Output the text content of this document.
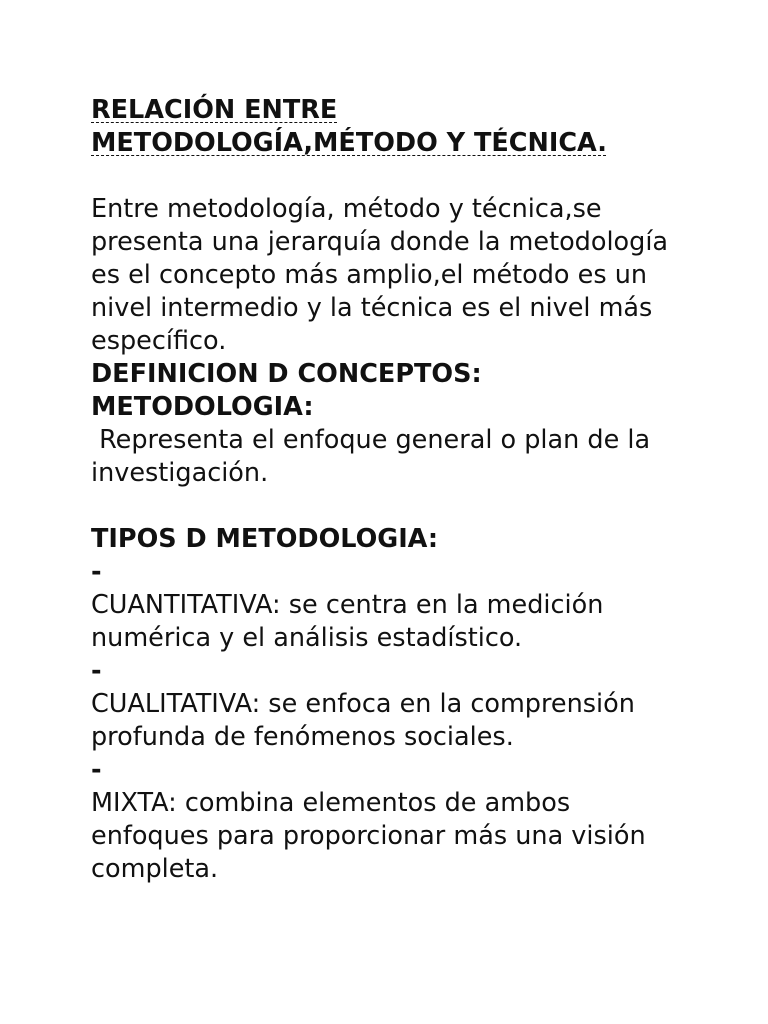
RELACIÓN ENTRE
METODOLOGÍA,MÉTODO Y TÉCNICA.

Entre metodología, método y técnica,se presenta una jerarquía donde la metodología es el concepto más amplio,el método es un nivel intermedio y la técnica es el nivel más específico.

DEFINICION D CONCEPTOS:

METODOLOGIA:

Representa el enfoque general o plan de la investigación.

TIPOS D METODOLOGIA:

-

CUANTITATIVA: se centra en la medición numérica y el análisis estadístico.

-

CUALITATIVA: se enfoca en la comprensión profunda de fenómenos sociales.

-

MIXTA: combina elementos de ambos enfoques para proporcionar más una visión completa.
